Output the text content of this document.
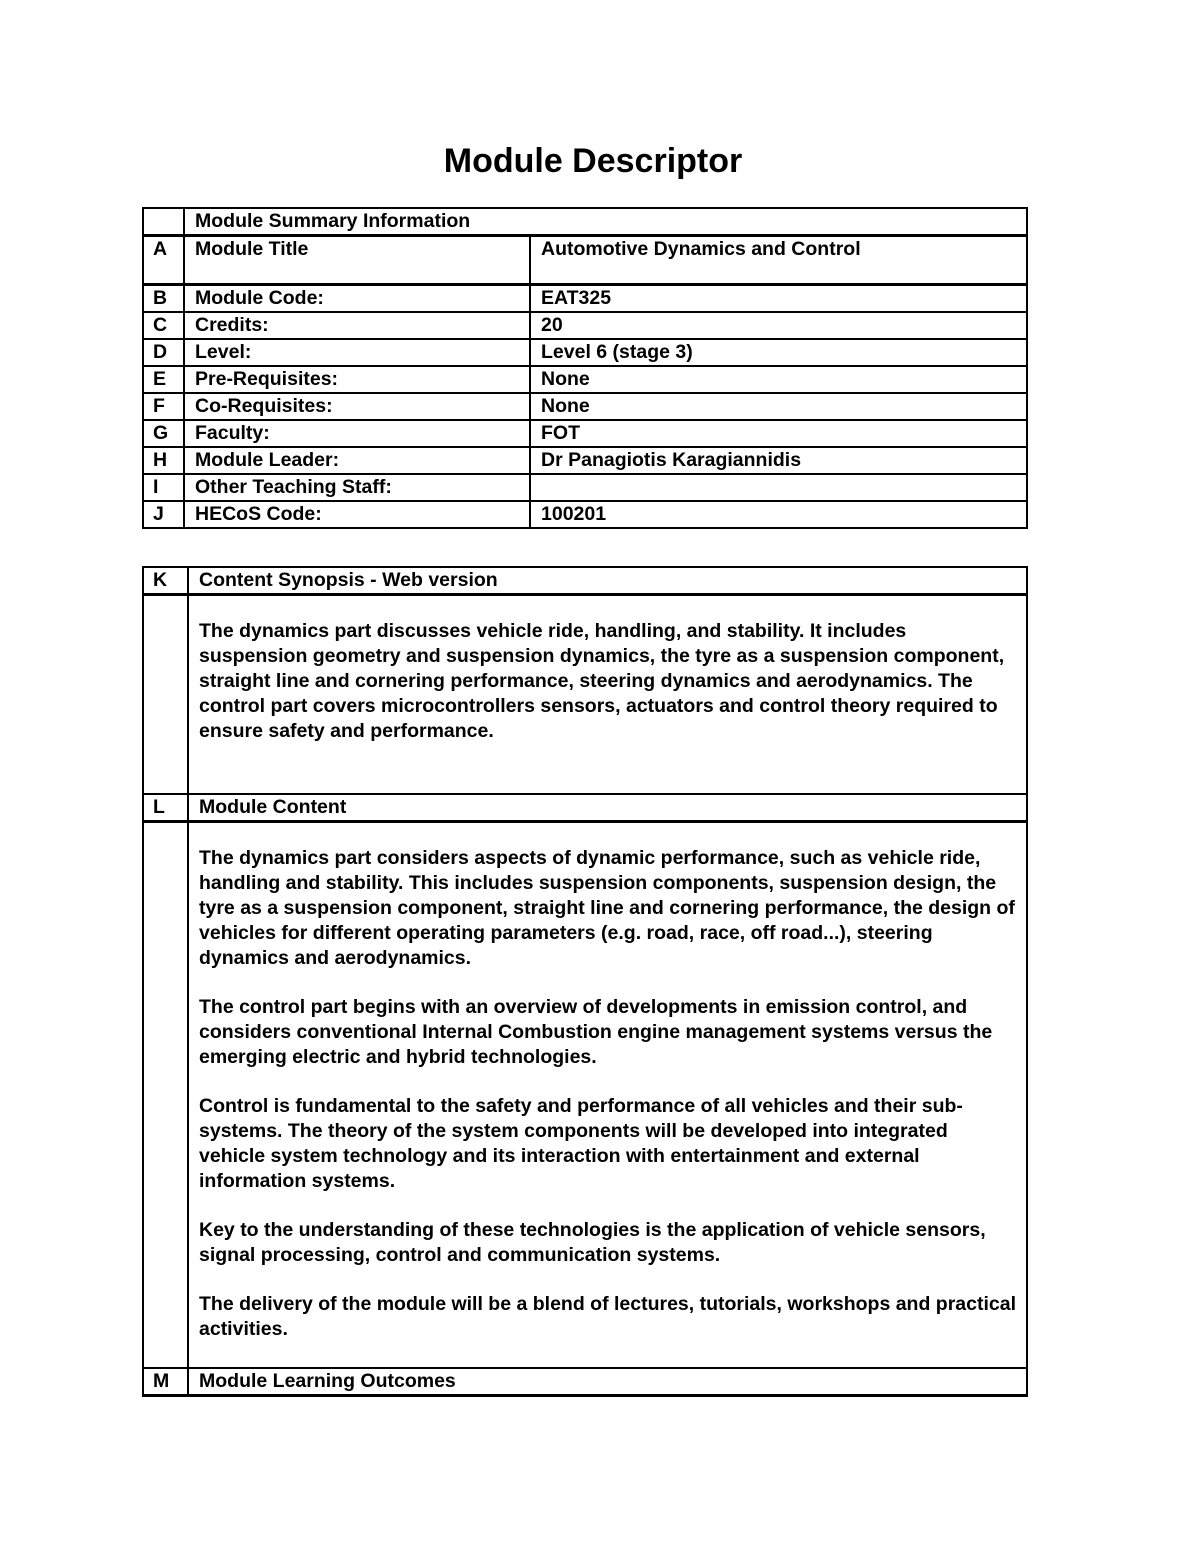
Module Descriptor
	Module Summary Information	
A	Module Title	Automotive Dynamics and Control
B	Module Code:	EAT325
C	Credits:	20
D	Level:	Level 6 (stage 3)
E	Pre-Requisites:	None
F	Co-Requisites:	None
G	Faculty:	FOT
H	Module Leader:	Dr Panagiotis Karagiannidis
I	Other Teaching Staff:	
J	HECoS Code:	100201
K	Content Synopsis - Web version

	The dynamics part discusses vehicle ride, handling, and stability. It includes suspension geometry and suspension dynamics, the tyre as a suspension component, straight line and cornering performance, steering dynamics and aerodynamics. The control part covers microcontrollers sensors, actuators and control theory required to ensure safety and performance.

L	Module Content

	The dynamics part considers aspects of dynamic performance, such as vehicle ride, handling and stability. This includes suspension components, suspension design, the tyre as a suspension component, straight line and cornering performance, the design of vehicles for different operating parameters (e.g. road, race, off road...), steering dynamics and aerodynamics.

The control part begins with an overview of developments in emission control, and considers conventional Internal Combustion engine management systems versus the emerging electric and hybrid technologies.

Control is fundamental to the safety and performance of all vehicles and their sub-systems. The theory of the system components will be developed into integrated vehicle system technology and its interaction with entertainment and external information systems.

Key to the understanding of these technologies is the application of vehicle sensors, signal processing, control and communication systems.

The delivery of the module will be a blend of lectures, tutorials, workshops and practical activities.

M	Module Learning Outcomes
